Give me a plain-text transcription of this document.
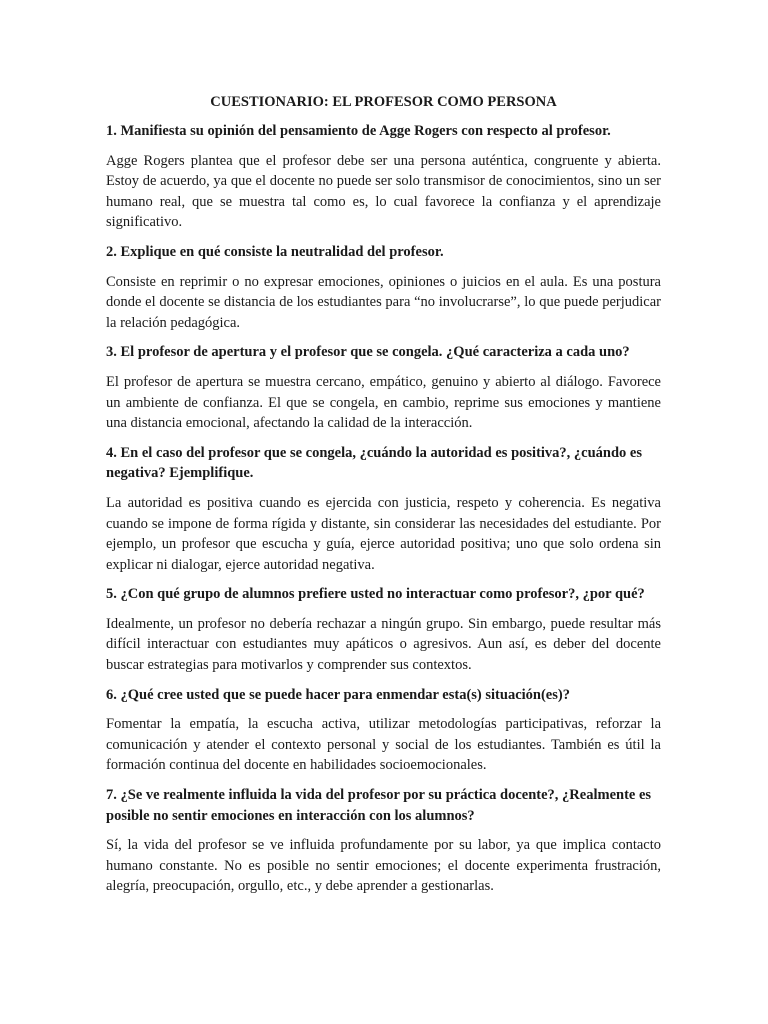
CUESTIONARIO: EL PROFESOR COMO PERSONA

1. Manifiesta su opinión del pensamiento de Agge Rogers con respecto al profesor.

Agge Rogers plantea que el profesor debe ser una persona auténtica, congruente y abierta. Estoy de acuerdo, ya que el docente no puede ser solo transmisor de conocimientos, sino un ser humano real, que se muestra tal como es, lo cual favorece la confianza y el aprendizaje significativo.

2. Explique en qué consiste la neutralidad del profesor.

Consiste en reprimir o no expresar emociones, opiniones o juicios en el aula. Es una postura donde el docente se distancia de los estudiantes para “no involucrarse”, lo que puede perjudicar la relación pedagógica.

3. El profesor de apertura y el profesor que se congela. ¿Qué caracteriza a cada uno?

El profesor de apertura se muestra cercano, empático, genuino y abierto al diálogo. Favorece un ambiente de confianza. El que se congela, en cambio, reprime sus emociones y mantiene una distancia emocional, afectando la calidad de la interacción.

4. En el caso del profesor que se congela, ¿cuándo la autoridad es positiva?, ¿cuándo es negativa? Ejemplifique.

La autoridad es positiva cuando es ejercida con justicia, respeto y coherencia. Es negativa cuando se impone de forma rígida y distante, sin considerar las necesidades del estudiante. Por ejemplo, un profesor que escucha y guía, ejerce autoridad positiva; uno que solo ordena sin explicar ni dialogar, ejerce autoridad negativa.

5. ¿Con qué grupo de alumnos prefiere usted no interactuar como profesor?, ¿por qué?

Idealmente, un profesor no debería rechazar a ningún grupo. Sin embargo, puede resultar más difícil interactuar con estudiantes muy apáticos o agresivos. Aun así, es deber del docente buscar estrategias para motivarlos y comprender sus contextos.

6. ¿Qué cree usted que se puede hacer para enmendar esta(s) situación(es)?

Fomentar la empatía, la escucha activa, utilizar metodologías participativas, reforzar la comunicación y atender el contexto personal y social de los estudiantes. También es útil la formación continua del docente en habilidades socioemocionales.

7. ¿Se ve realmente influida la vida del profesor por su práctica docente?, ¿Realmente es posible no sentir emociones en interacción con los alumnos?

Sí, la vida del profesor se ve influida profundamente por su labor, ya que implica contacto humano constante. No es posible no sentir emociones; el docente experimenta frustración, alegría, preocupación, orgullo, etc., y debe aprender a gestionarlas.
